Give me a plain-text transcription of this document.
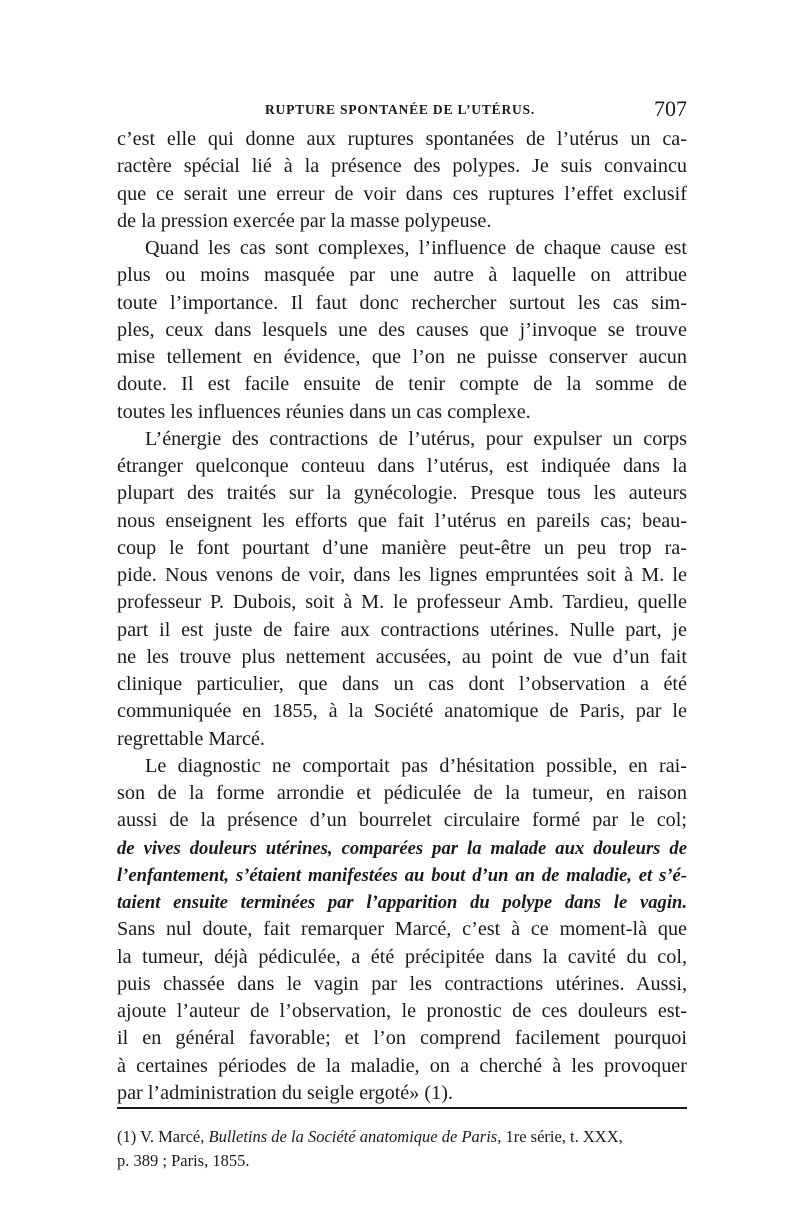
RUPTURE SPONTANÉE DE L’UTÉRUS.	707
c’est elle qui donne aux ruptures spontanées de l’utérus un ca-
ractère spécial lié à la présence des polypes. Je suis convaincu
que ce serait une erreur de voir dans ces ruptures l’effet exclusif
de la pression exercée par la masse polypeuse.
Quand les cas sont complexes, l’influence de chaque cause est
plus ou moins masquée par une autre à laquelle on attribue
toute l’importance. Il faut donc rechercher surtout les cas sim-
ples, ceux dans lesquels une des causes que j’invoque se trouve
mise tellement en évidence, que l’on ne puisse conserver aucun
doute. Il est facile ensuite de tenir compte de la somme de
toutes les influences réunies dans un cas complexe.
L’énergie des contractions de l’utérus, pour expulser un corps
étranger quelconque conteuu dans l’utérus, est indiquée dans la
plupart des traités sur la gynécologie. Presque tous les auteurs
nous enseignent les efforts que fait l’utérus en pareils cas; beau-
coup le font pourtant d’une manière peut-être un peu trop ra-
pide. Nous venons de voir, dans les lignes empruntées soit à M. le
professeur P. Dubois, soit à M. le professeur Amb. Tardieu, quelle
part il est juste de faire aux contractions utérines. Nulle part, je
ne les trouve plus nettement accusées, au point de vue d’un fait
clinique particulier, que dans un cas dont l’observation a été
communiquée en 1855, à la Société anatomique de Paris, par le
regrettable Marcé.
Le diagnostic ne comportait pas d’hésitation possible, en rai-
son de la forme arrondie et pédiculée de la tumeur, en raison
aussi de la présence d’un bourrelet circulaire formé par le col;
de vives douleurs utérines, comparées par la malade aux douleurs de
l’enfantement, s’étaient manifestées au bout d’un an de maladie, et s’é-
taient ensuite terminées par l’apparition du polype dans le vagin.
Sans nul doute, fait remarquer Marcé, c’est à ce moment-là que
la tumeur, déjà pédiculée, a été précipitée dans la cavité du col,
puis chassée dans le vagin par les contractions utérines. Aussi,
ajoute l’auteur de l’observation, le pronostic de ces douleurs est-
il en général favorable; et l’on comprend facilement pourquoi
à certaines périodes de la maladie, on a cherché à les provoquer
par l’administration du seigle ergoté» (1).
(1) V. Marcé, Bulletins de la Société anatomique de Paris, 1re série, t. XXX,
p. 389 ; Paris, 1855.
